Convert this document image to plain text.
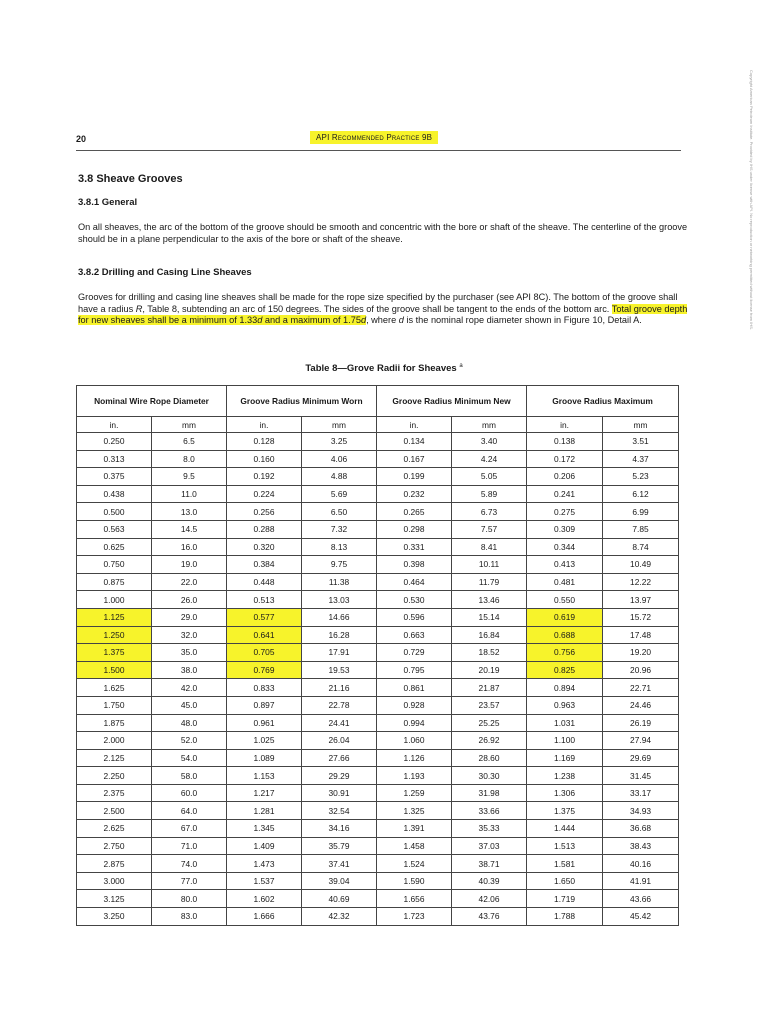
20	API Recommended Practice 9B	Copyright American Petroleum Institute. Provided by IHS under license with API. No reproduction or networking permitted without license from IHS.
3.8 Sheave Grooves
3.8.1 General
On all sheaves, the arc of the bottom of the groove should be smooth and concentric with the bore or shaft of the sheave. The centerline of the groove should be in a plane perpendicular to the axis of the bore or shaft of the sheave.
3.8.2 Drilling and Casing Line Sheaves
Grooves for drilling and casing line sheaves shall be made for the rope size specified by the purchaser (see API 8C). The bottom of the groove shall have a radius R, Table 8, subtending an arc of 150 degrees. The sides of the groove shall be tangent to the ends of the bottom arc. Total groove depth for new sheaves shall be a minimum of 1.33d and a maximum of 1.75d, where d is the nominal rope diameter shown in Figure 10, Detail A.
Table 8—Grove Radii for Sheaves $^a$
Nominal Wire Rope Diameter		Groove Radius Minimum Worn		Groove Radius Minimum New		Groove Radius Maximum	
in.	mm	in.	mm	in.	mm	in.	mm
0.250	6.5	0.128	3.25	0.134	3.40	0.138	3.51
0.313	8.0	0.160	4.06	0.167	4.24	0.172	4.37
0.375	9.5	0.192	4.88	0.199	5.05	0.206	5.23
0.438	11.0	0.224	5.69	0.232	5.89	0.241	6.12
0.500	13.0	0.256	6.50	0.265	6.73	0.275	6.99
0.563	14.5	0.288	7.32	0.298	7.57	0.309	7.85
0.625	16.0	0.320	8.13	0.331	8.41	0.344	8.74
0.750	19.0	0.384	9.75	0.398	10.11	0.413	10.49
0.875	22.0	0.448	11.38	0.464	11.79	0.481	12.22
1.000	26.0	0.513	13.03	0.530	13.46	0.550	13.97
1.125	29.0	0.577	14.66	0.596	15.14	0.619	15.72
1.250	32.0	0.641	16.28	0.663	16.84	0.688	17.48
1.375	35.0	0.705	17.91	0.729	18.52	0.756	19.20
1.500	38.0	0.769	19.53	0.795	20.19	0.825	20.96
1.625	42.0	0.833	21.16	0.861	21.87	0.894	22.71
1.750	45.0	0.897	22.78	0.928	23.57	0.963	24.46
1.875	48.0	0.961	24.41	0.994	25.25	1.031	26.19
2.000	52.0	1.025	26.04	1.060	26.92	1.100	27.94
2.125	54.0	1.089	27.66	1.126	28.60	1.169	29.69
2.250	58.0	1.153	29.29	1.193	30.30	1.238	31.45
2.375	60.0	1.217	30.91	1.259	31.98	1.306	33.17
2.500	64.0	1.281	32.54	1.325	33.66	1.375	34.93
2.625	67.0	1.345	34.16	1.391	35.33	1.444	36.68
2.750	71.0	1.409	35.79	1.458	37.03	1.513	38.43
2.875	74.0	1.473	37.41	1.524	38.71	1.581	40.16
3.000	77.0	1.537	39.04	1.590	40.39	1.650	41.91
3.125	80.0	1.602	40.69	1.656	42.06	1.719	43.66
3.250	83.0	1.666	42.32	1.723	43.76	1.788	45.42
